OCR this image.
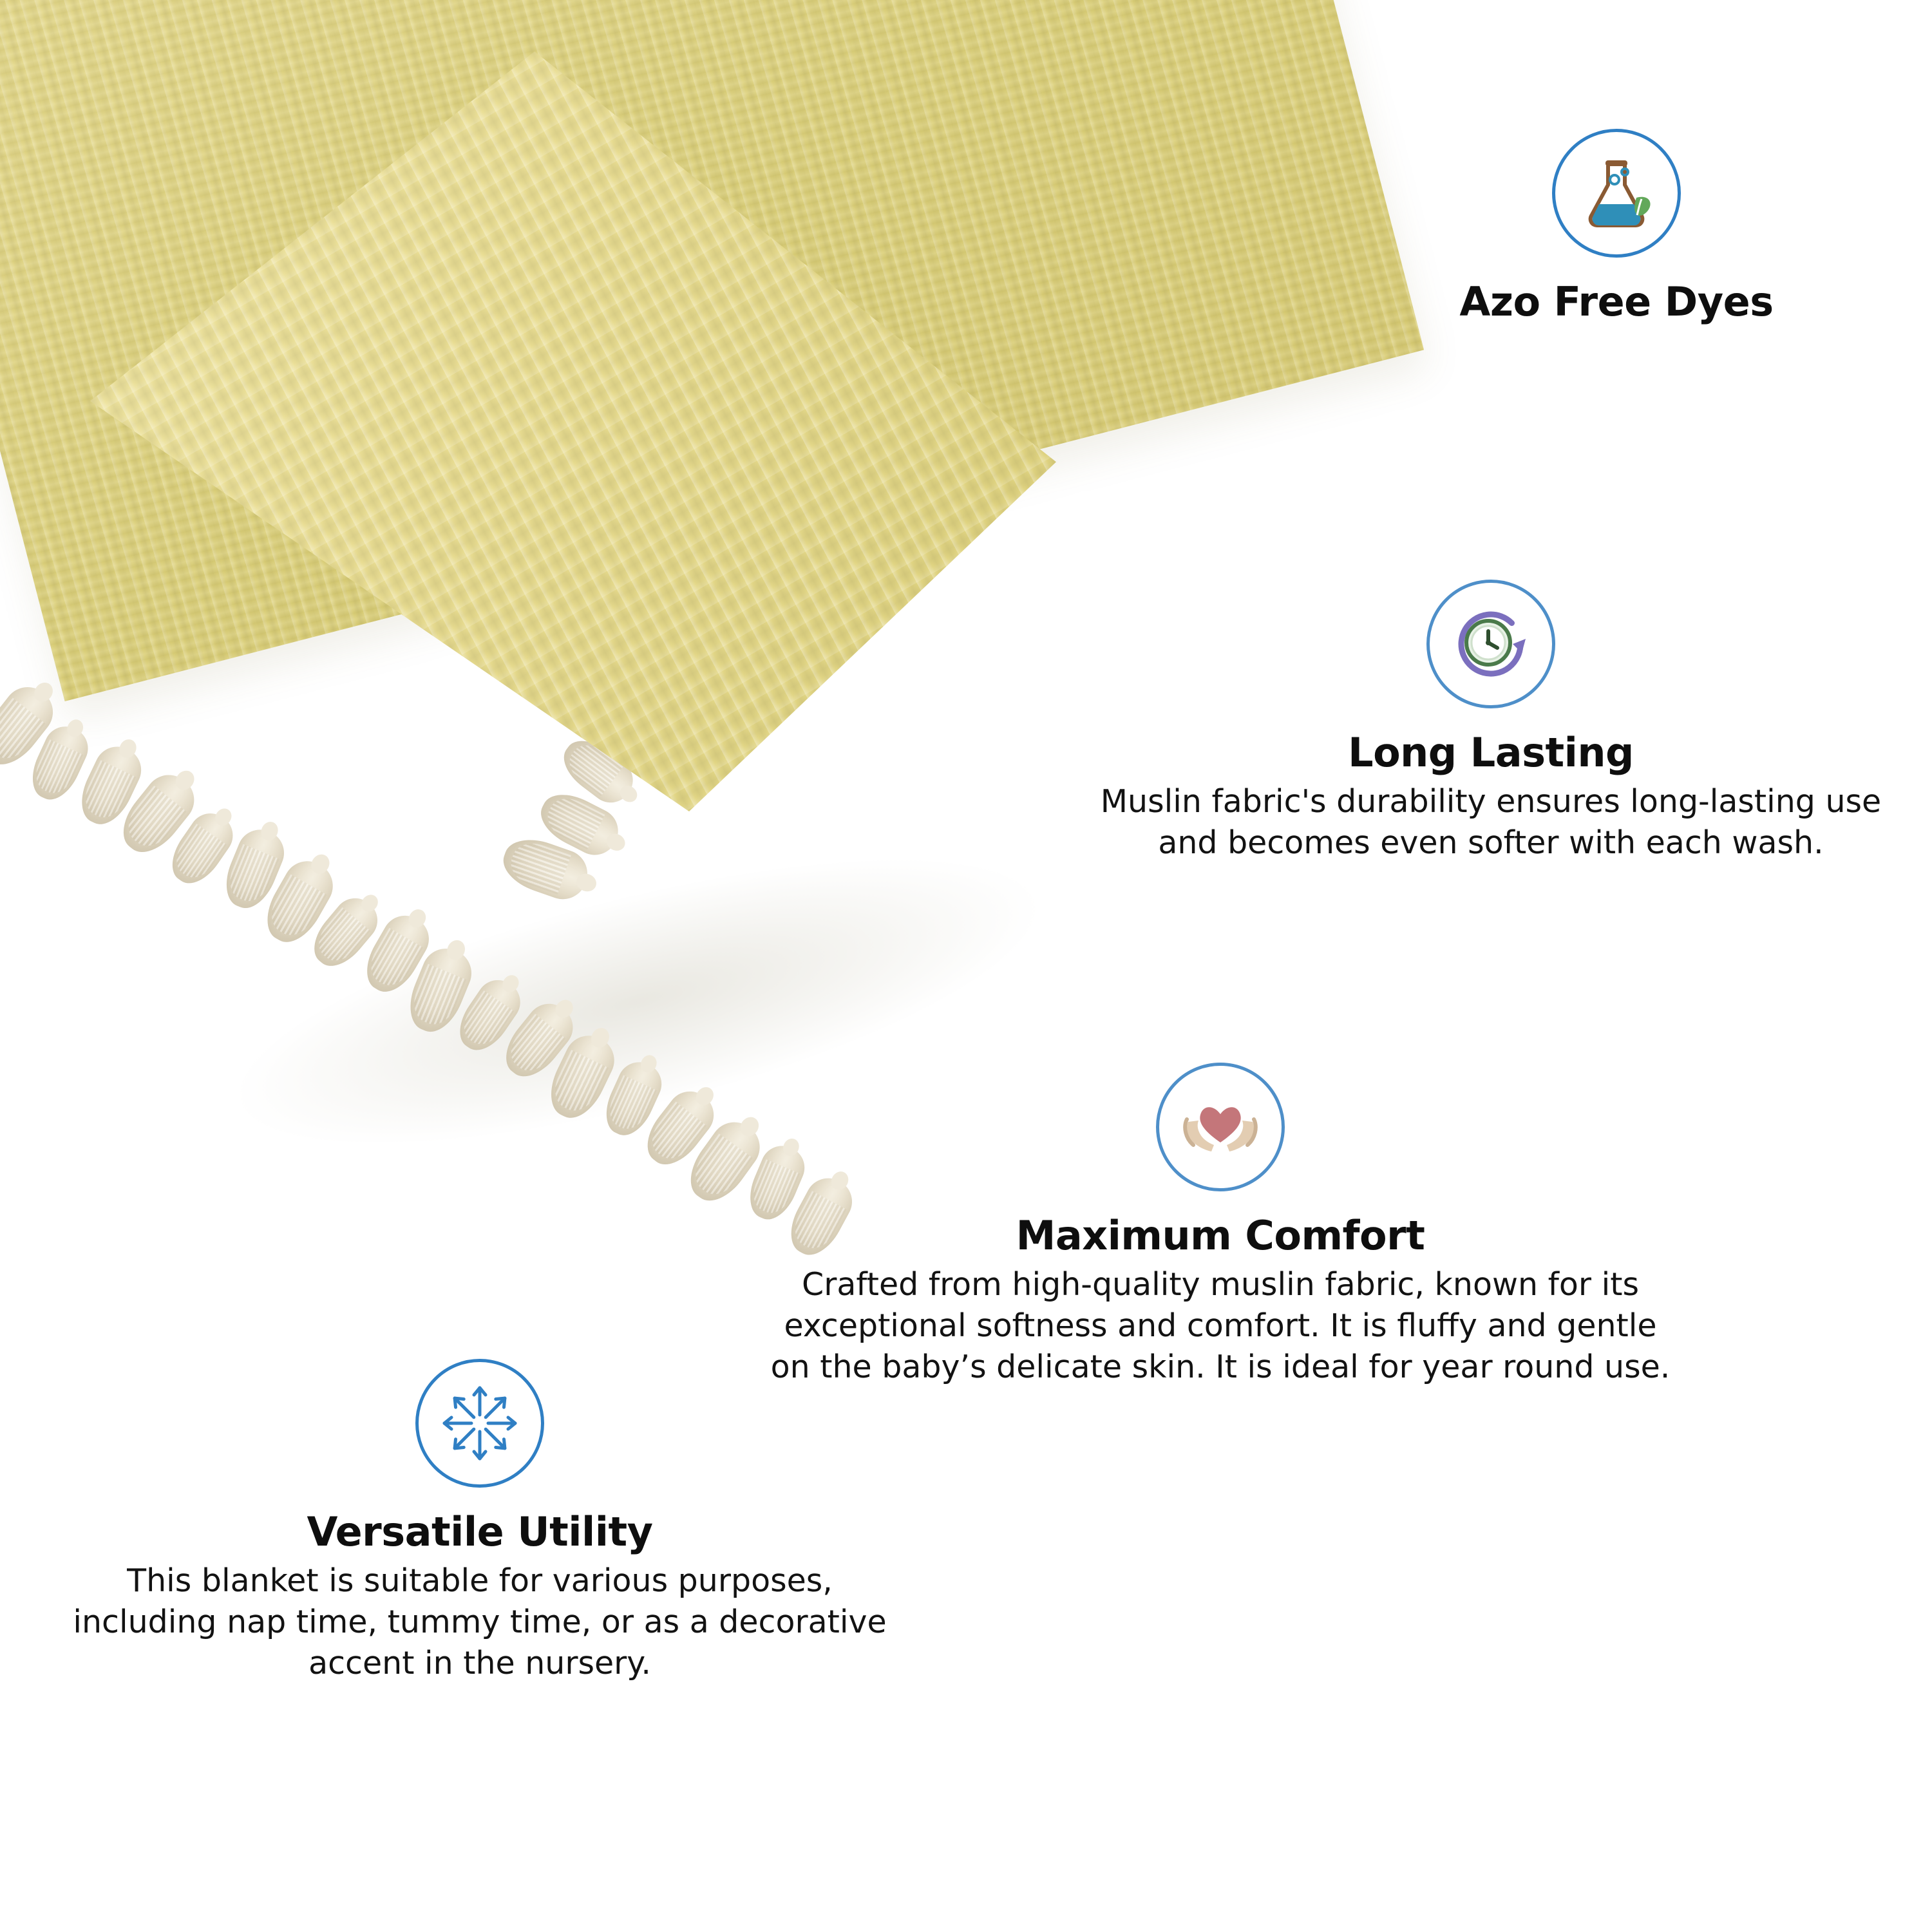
Azo Free Dyes

Long Lasting

Muslin fabric's durability ensures long-lasting use and becomes even softer with each wash.

Maximum Comfort

Crafted from high-quality muslin fabric, known for its exceptional softness and comfort. It is fluffy and gentle on the baby’s delicate skin. It is ideal for year round use.

Versatile Utility

This blanket is suitable for various purposes, including nap time, tummy time, or as a decorative accent in the nursery.
